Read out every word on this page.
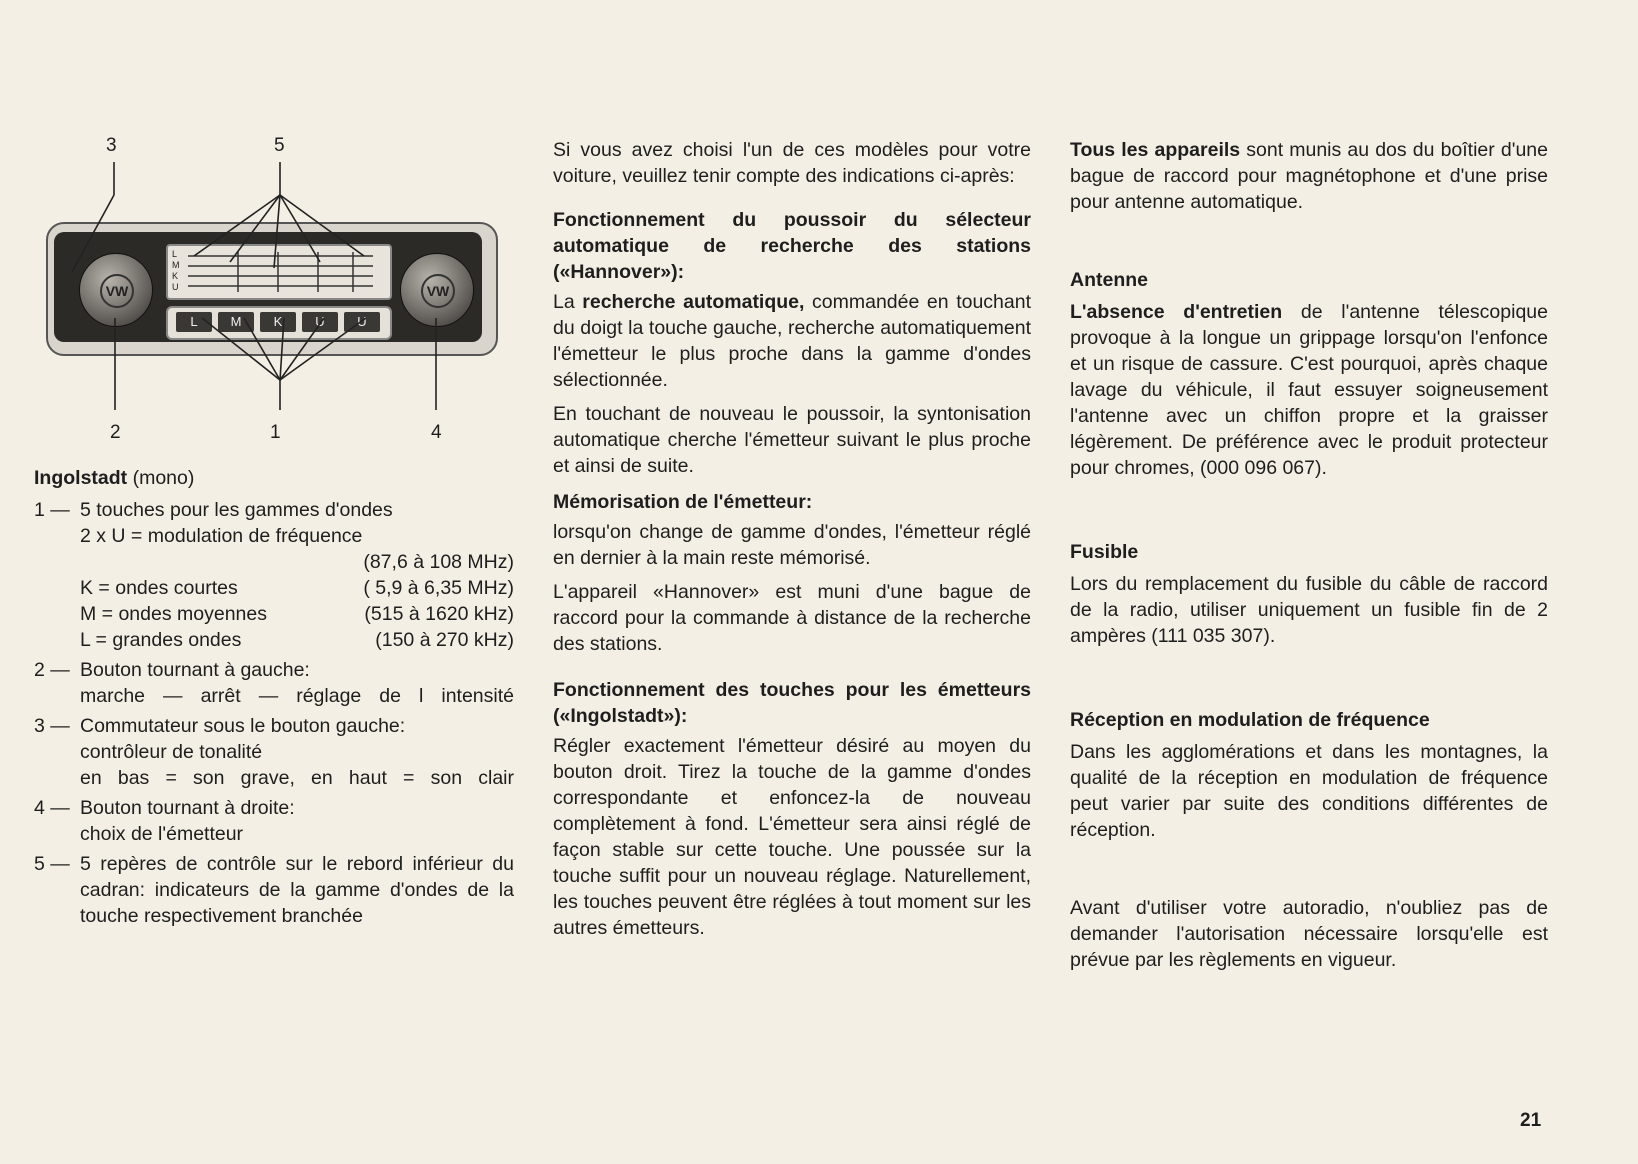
3	5
2	1	4
VW	VW
L
M
K
U
L	M	K	U	U
Ingolstadt (mono)
1 — 5 touches pour les gammes d'ondes
2 x U = modulation de fréquence
(87,6 à 108 MHz)
K = ondes courtes	( 5,9 à 6,35 MHz)
M = ondes moyennes	(515 à 1620 kHz)
L = grandes ondes	(150 à 270 kHz)
2 — Bouton tournant à gauche:
marche — arrêt — réglage de l intensité
3 — Commutateur sous le bouton gauche:
contrôleur de tonalité
en bas = son grave, en haut = son clair
4 — Bouton tournant à droite:
choix de l'émetteur
5 — 5 repères de contrôle sur le rebord inférieur du cadran: indicateurs de la gamme d'ondes de la touche respectivement branchée

Si vous avez choisi l'un de ces modèles pour votre voiture, veuillez tenir compte des indications ci-après:

Fonctionnement du poussoir du sélecteur automatique de recherche des stations («Hannover»):

La recherche automatique, commandée en touchant du doigt la touche gauche, recherche automatiquement l'émetteur le plus proche dans la gamme d'ondes sélectionnée.

En touchant de nouveau le poussoir, la syntonisation automatique cherche l'émetteur suivant le plus proche et ainsi de suite.

Mémorisation de l'émetteur:

lorsqu'on change de gamme d'ondes, l'émetteur réglé en dernier à la main reste mémorisé.

L'appareil «Hannover» est muni d'une bague de raccord pour la commande à distance de la recherche des stations.

Fonctionnement des touches pour les émetteurs («Ingolstadt»):

Régler exactement l'émetteur désiré au moyen du bouton droit. Tirez la touche de la gamme d'ondes correspondante et enfoncez-la de nouveau complètement à fond. L'émetteur sera ainsi réglé de façon stable sur cette touche. Une poussée sur la touche suffit pour un nouveau réglage. Naturellement, les touches peuvent être réglées à tout moment sur les autres émetteurs.

Tous les appareils sont munis au dos du boîtier d'une bague de raccord pour magnétophone et d'une prise pour antenne automatique.

Antenne

L'absence d'entretien de l'antenne télescopique provoque à la longue un grippage lorsqu'on l'enfonce et un risque de cassure. C'est pourquoi, après chaque lavage du véhicule, il faut essuyer soigneusement l'antenne avec un chiffon propre et la graisser légèrement. De préférence avec le produit protecteur pour chromes, (000 096 067).

Fusible

Lors du remplacement du fusible du câble de raccord de la radio, utiliser uniquement un fusible fin de 2 ampères (111 035 307).

Réception en modulation de fréquence

Dans les agglomérations et dans les montagnes, la qualité de la réception en modulation de fréquence peut varier par suite des conditions différentes de réception.

Avant d'utiliser votre autoradio, n'oubliez pas de demander l'autorisation nécessaire lorsqu'elle est prévue par les règlements en vigueur.

21
